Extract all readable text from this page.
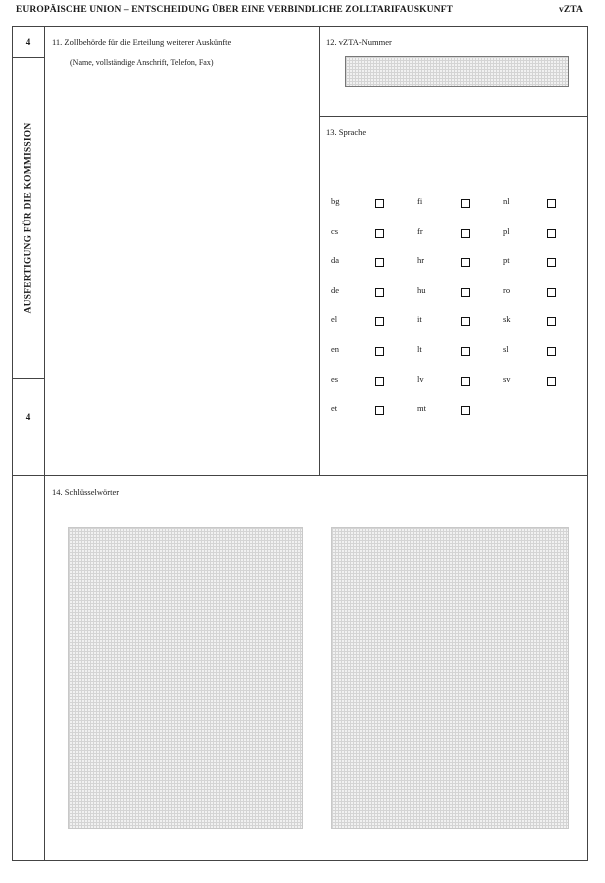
EUROPÄISCHE UNION – ENTSCHEIDUNG ÜBER EINE VERBINDLICHE ZOLLTARIFAUSKUNFT	vZTA
4
AUSFERTIGUNG FÜR DIE KOMMISSION
4
11. Zollbehörde für die Erteilung weiterer Auskünfte
(Name, vollständige Anschrift, Telefon, Fax)
12. vZTA-Nummer
13. Sprache
bg
cs
da
de
el
en
es
et
fi
fr
hr
hu
it
lt
lv
mt
nl
pl
pt
ro
sk
sl
sv
14. Schlüsselwörter
